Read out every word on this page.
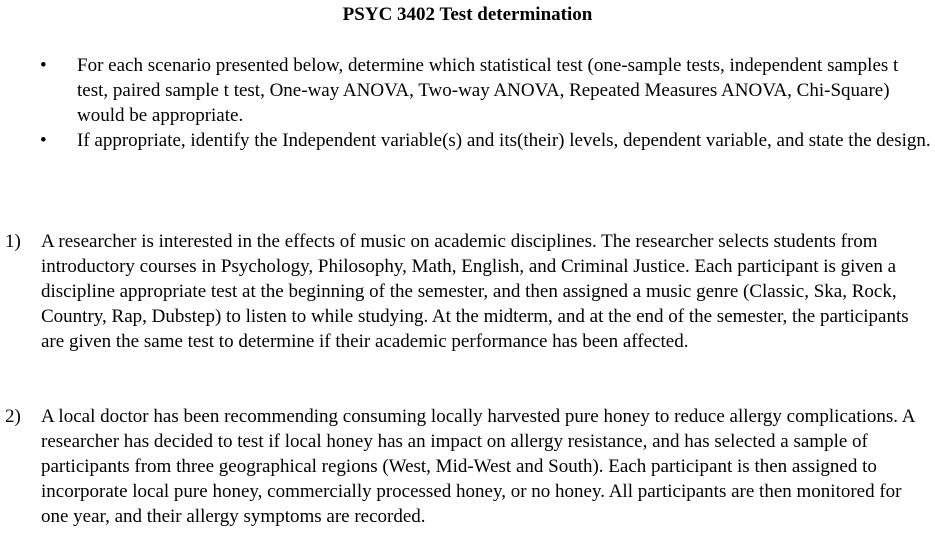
PSYC 3402 Test determination
• For each scenario presented below, determine which statistical test (one-sample tests, independent samples t test, paired sample t test, One-way ANOVA, Two-way ANOVA, Repeated Measures ANOVA, Chi-Square) would be appropriate.

• If appropriate, identify the Independent variable(s) and its(their) levels, dependent variable, and state the design.

1) A researcher is interested in the effects of music on academic disciplines. The researcher selects students from introductory courses in Psychology, Philosophy, Math, English, and Criminal Justice. Each participant is given a discipline appropriate test at the beginning of the semester, and then assigned a music genre (Classic, Ska, Rock, Country, Rap, Dubstep) to listen to while studying. At the midterm, and at the end of the semester, the participants are given the same test to determine if their academic performance has been affected.

2) A local doctor has been recommending consuming locally harvested pure honey to reduce allergy complications. A researcher has decided to test if local honey has an impact on allergy resistance, and has selected a sample of participants from three geographical regions (West, Mid-West and South). Each participant is then assigned to incorporate local pure honey, commercially processed honey, or no honey. All participants are then monitored for one year, and their allergy symptoms are recorded.
